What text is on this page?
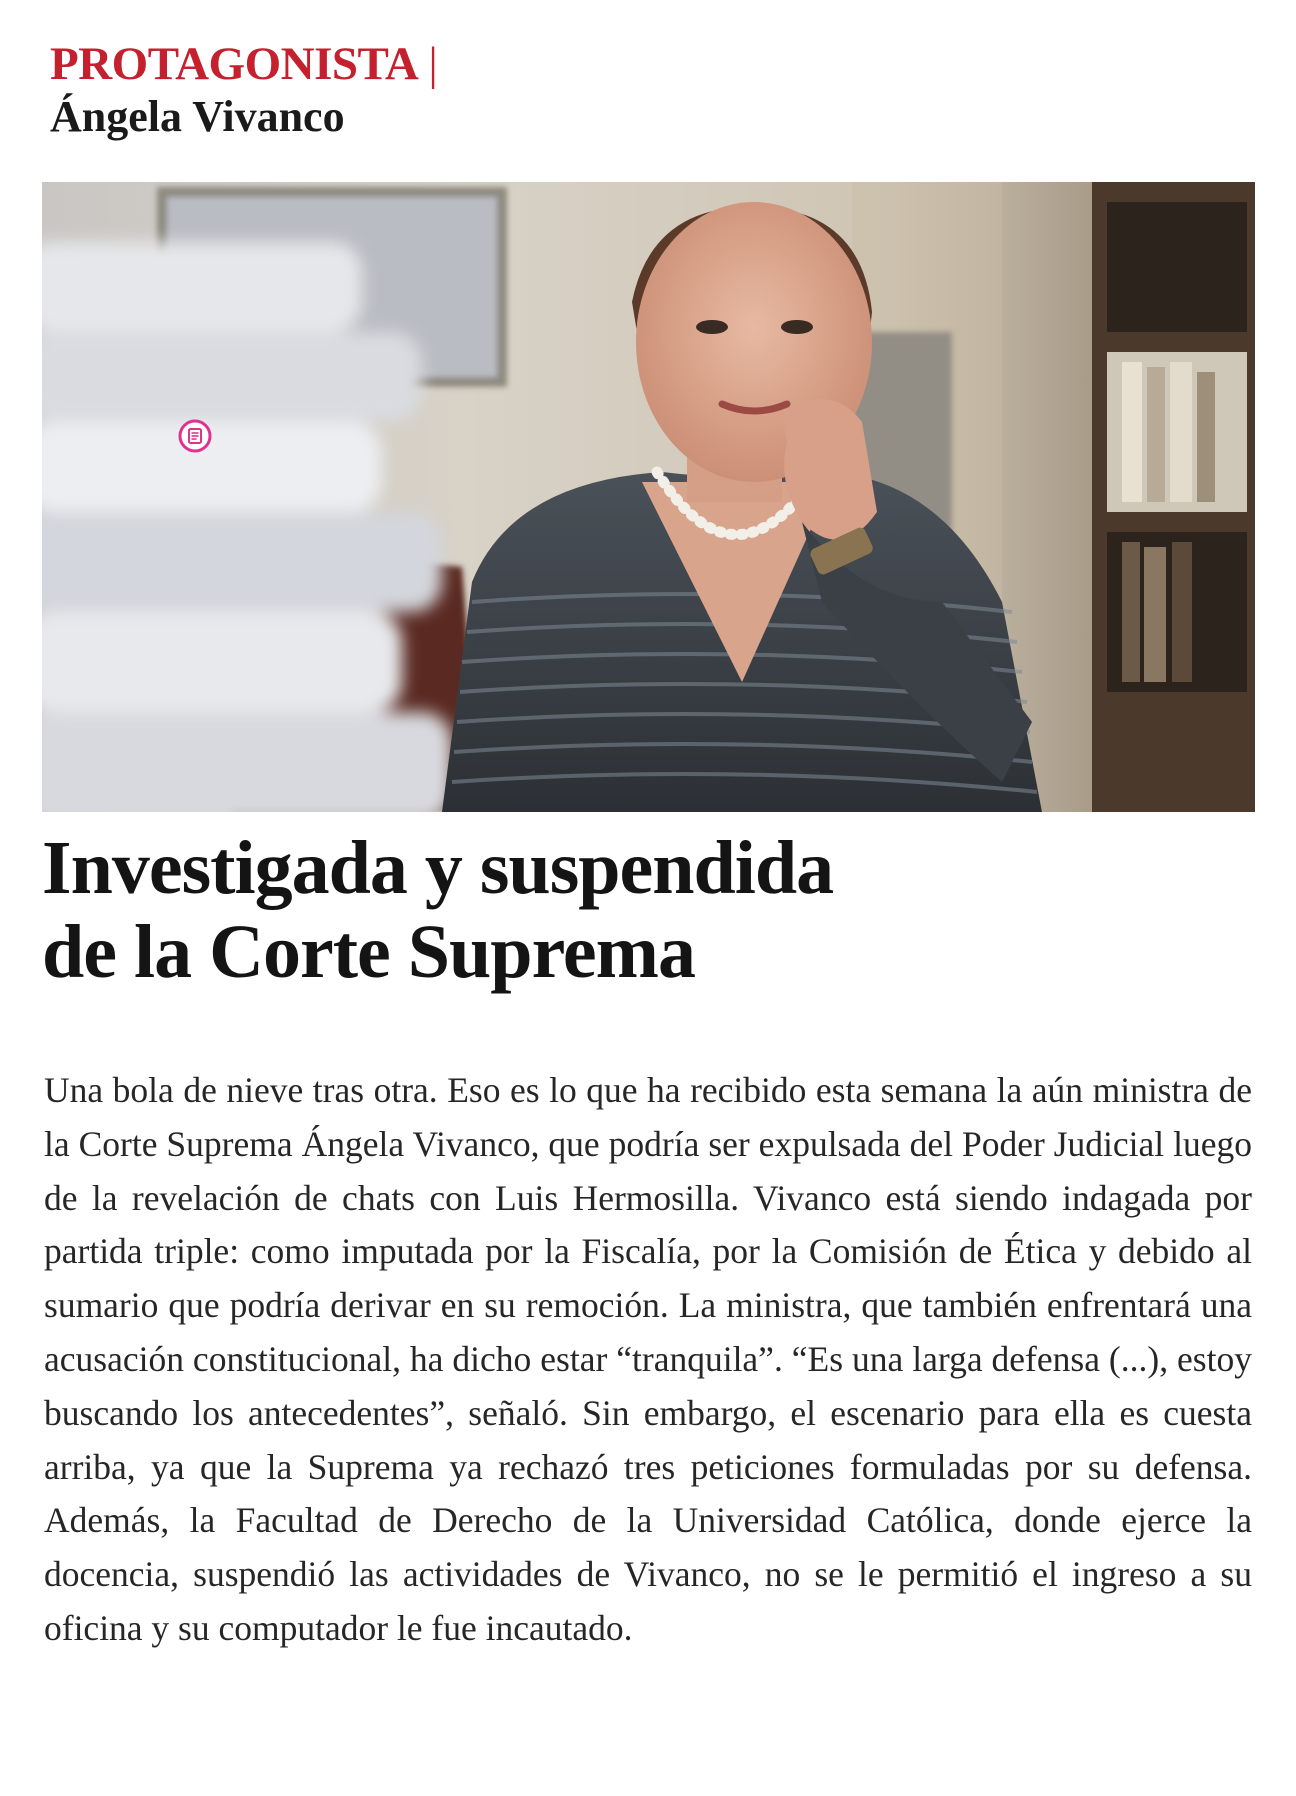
PROTAGONISTA |
Ángela Vivanco
Investigada y suspendida
de la Corte Suprema
Una bola de nieve tras otra. Eso es lo que ha recibido esta semana la aún ministra de la Corte Suprema Ángela Vivanco, que podría ser expulsada del Poder Judicial luego de la revelación de chats con Luis Hermosilla. Vivanco está siendo indagada por partida triple: como imputada por la Fiscalía, por la Comisión de Ética y debido al sumario que podría derivar en su remoción. La ministra, que también enfrentará una acusación constitucional, ha dicho estar “tranquila”. “Es una larga defensa (...), estoy buscando los antecedentes”, señaló. Sin embargo, el escenario para ella es cuesta arriba, ya que la Suprema ya rechazó tres peticiones formuladas por su defensa. Además, la Facultad de Derecho de la Universidad Católica, donde ejerce la docencia, suspendió las actividades de Vivanco, no se le permitió el ingreso a su oficina y su computador le fue incautado.
